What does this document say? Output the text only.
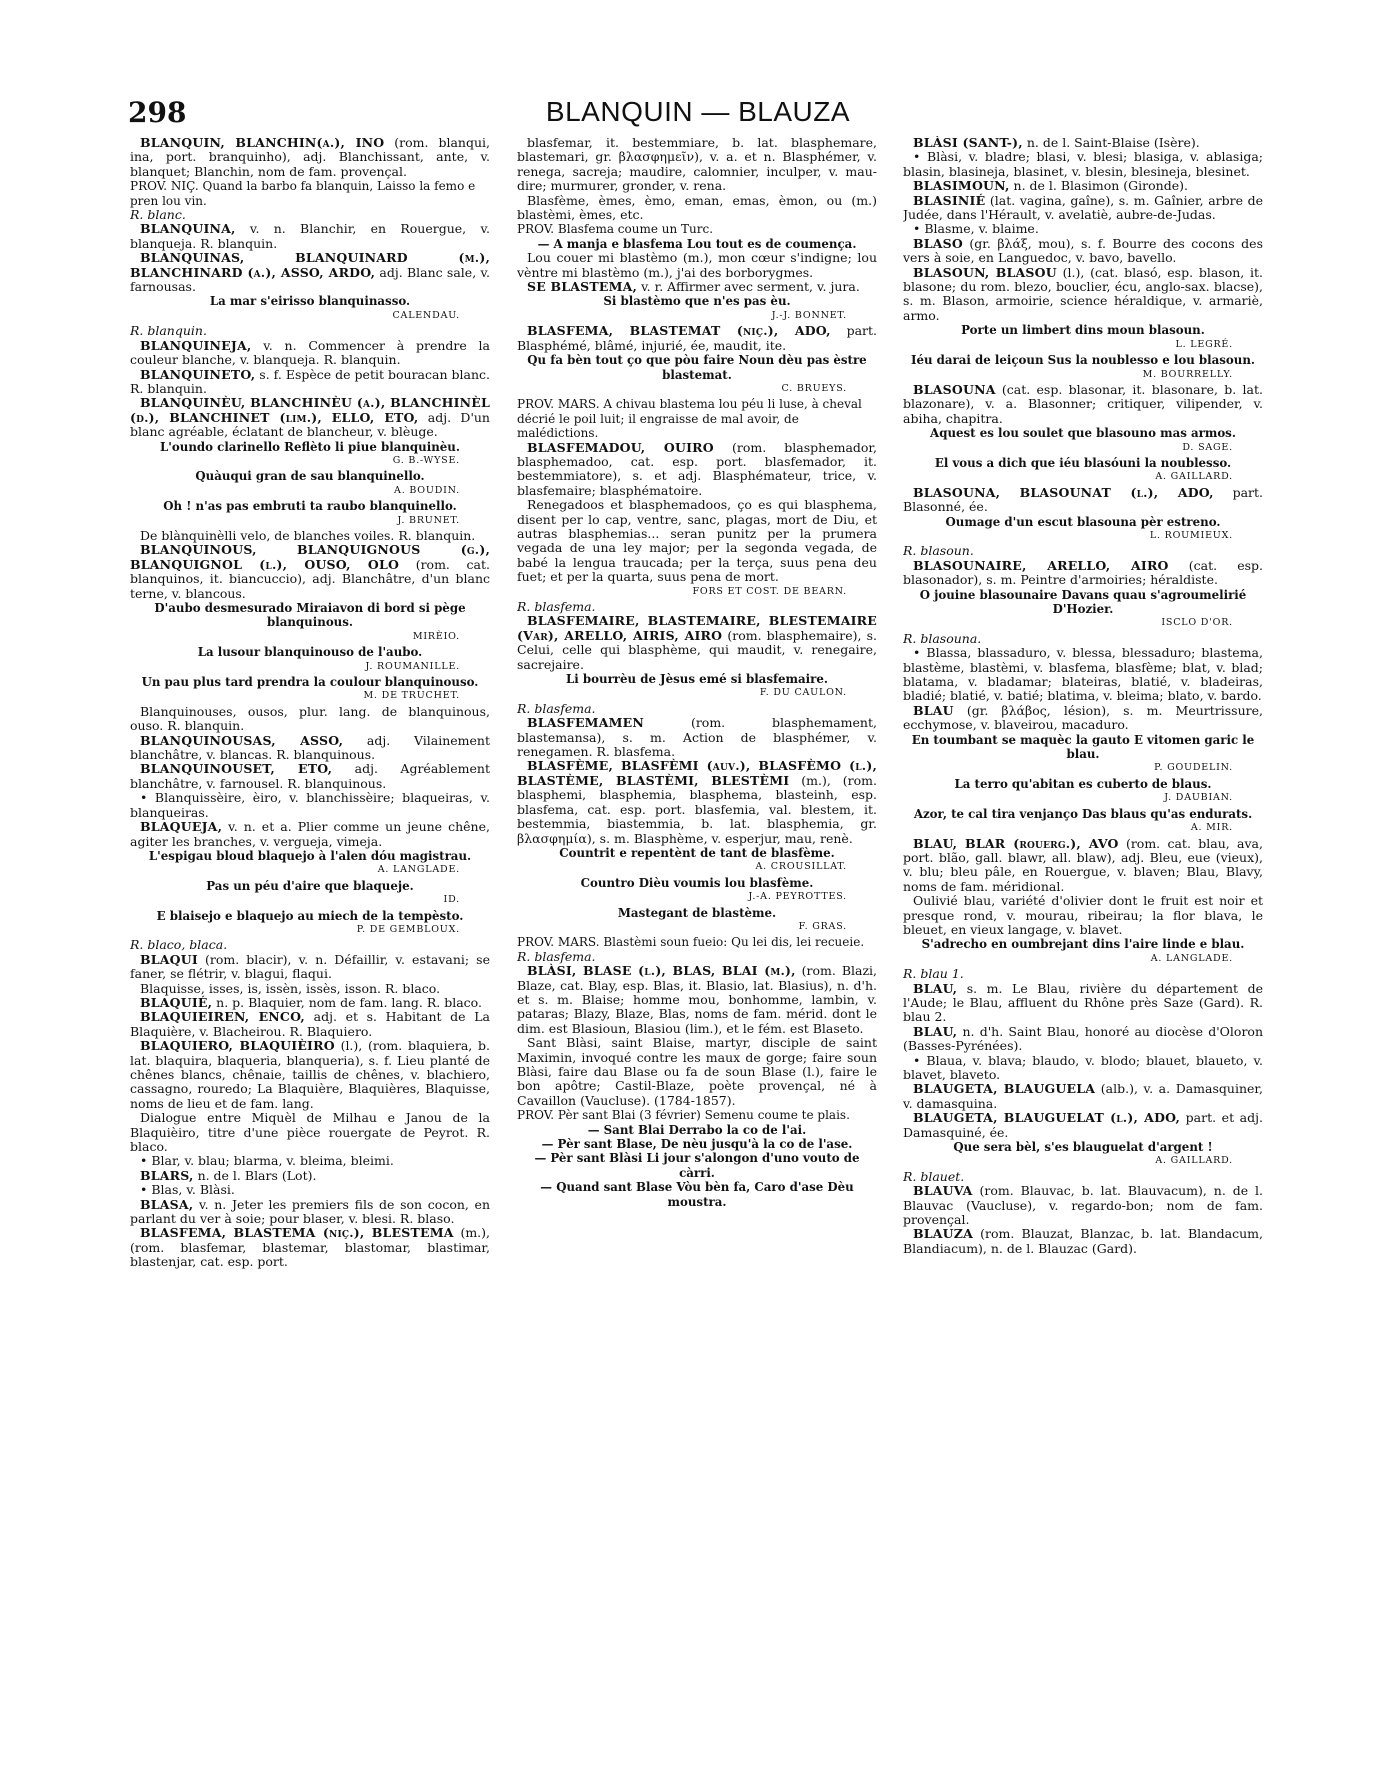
298	BLANQUIN — BLAUZA

BLANQUIN, BLANCHIN(a.), INO (rom. blanqui, ina, port. branquinho), adj. Blanchissant, ante, v. blanquet; Blanchin, nom de fam. provençal.

PROV. NIÇ. Quand la barbo fa blanquin, Laisso la femo e pren lou vin.

R. blanc.

BLANQUINA, v. n. Blanchir, en Rouergue, v. blanqueja. R. blanquin.

BLANQUINAS, BLANQUINARD (m.), BLANCHINARD (a.), ASSO, ARDO, adj. Blanc sale, v. farnousas.

La mar s'eirisso blanquinasso.

CALENDAU.

R. blanquin.

BLANQUINEJA, v. n. Commencer à prendre la couleur blanche, v. blanqueja. R. blanquin.

BLANQUINETO, s. f. Espèce de petit bouracan blanc. R. blanquin.

BLANQUINÈU, BLANCHINÈU (a.), BLANCHINÈL (d.), BLANCHINET (lim.), ELLO, ETO, adj. D'un blanc agréable, éclatant de blancheur, v. blèuge.

L'oundo clarinello Reflèto li piue blanquinèu.

G. B.-WYSE.

Quàuqui gran de sau blanquinello.

A. BOUDIN.

Oh ! n'as pas embruti ta raubo blanquinello.

J. BRUNET.

De blànquinèlli velo, de blanches voiles. R. blanquin.

BLANQUINOUS, BLANQUIGNOUS (g.), BLANQUIGNOL (l.), OUSO, OLO (rom. cat. blanquinos, it. biancuccio), adj. Blanchâtre, d'un blanc terne, v. blancous.

D'aubo desmesurado Miraiavon di bord si pège blanquinous.

MIRÈIO.

La lusour blanquinouso de l'aubo.

J. ROUMANILLE.

Un pau plus tard prendra la coulour blanquinouso.

M. DE TRUCHET.

Blanquinouses, ousos, plur. lang. de blanquinous, ouso. R. blanquin.

BLANQUINOUSAS, ASSO, adj. Vilainement blanchâtre, v. blancas. R. blanquinous.

BLANQUINOUSET, ETO, adj. Agréablement blanchâtre, v. farnousel. R. blanquinous.

• Blanquissèire, èiro, v. blanchissèire; blaqueiras, v. blanqueiras.

BLAQUEJA, v. n. et a. Plier comme un jeune chêne, agiter les branches, v. vergueja, vimeja.

L'espigau bloud blaquejo à l'alen dóu magistrau.

A. LANGLADE.

Pas un péu d'aire que blaqueje.

ID.

E blaisejo e blaquejo au miech de la tempèsto.

P. DE GEMBLOUX.

R. blaco, blaca.

BLAQUI (rom. blacir), v. n. Défaillir, v. estavani; se faner, se flétrir, v. blagui, flaqui.

Blaquisse, isses, is, issèn, issès, isson. R. blaco.

BLAQUIÉ, n. p. Blaquier, nom de fam. lang. R. blaco.

BLAQUIEIREN, ENCO, adj. et s. Habitant de La Blaquière, v. Blacheirou. R. Blaquiero.

BLAQUIERO, BLAQUIÈIRO (l.), (rom. blaquiera, b. lat. blaquira, blaqueria, blanqueria), s. f. Lieu planté de chênes blancs, chênaie, taillis de chênes, v. blachiero, cassagno, rouredo; La Blaquière, Blaquières, Blaquisse, noms de lieu et de fam. lang.

Dialogue entre Miquèl de Milhau e Janou de la Blaquièiro, titre d'une pièce rouergate de Peyrot. R. blaco.

• Blar, v. blau; blarma, v. bleima, bleimi.

BLARS, n. de l. Blars (Lot).

• Blas, v. Blàsi.

BLASA, v. n. Jeter les premiers fils de son cocon, en parlant du ver à soie; pour blaser, v. blesi. R. blaso.

BLASFEMA, BLASTEMA (niç.), BLESTEMA (m.), (rom. blasfemar, blastemar, blastomar, blastimar, blastenjar, cat. esp. port.

blasfemar, it. bestemmiare, b. lat. blasphemare, blastemari, gr. βλασφημεῖν), v. a. et n. Blasphémer, v. renega, sacreja; maudire, calomnier, inculper, v. mau-dire; murmurer, gronder, v. rena.

Blasfème, èmes, èmo, eman, emas, èmon, ou (m.) blastèmi, èmes, etc.

PROV. Blasfema coume un Turc.

— A manja e blasfema Lou tout es de coumença.

Lou couer mi blastèmo (m.), mon cœur s'indigne; lou vèntre mi blastèmo (m.), j'ai des borborygmes.

SE BLASTEMA, v. r. Affirmer avec serment, v. jura.

Si blastèmo que n'es pas èu.

J.-J. BONNET.

BLASFEMA, BLASTEMAT (niç.), ADO, part. Blasphémé, blâmé, injurié, ée, maudit, ite.

Qu fa bèn tout ço que pòu faire Noun dèu pas èstre blastemat.

C. BRUEYS.

PROV. MARS. A chivau blastema lou péu li luse, à cheval décrié le poil luit; il engraisse de mal avoir, de malédictions.

BLASFEMADOU, OUIRO (rom. blasphemador, blasphemadoo, cat. esp. port. blasfemador, it. bestemmiatore), s. et adj. Blasphémateur, trice, v. blasfemaire; blasphématoire.

Renegadoos et blasphemadoos, ço es qui blasphema, disent per lo cap, ventre, sanc, plagas, mort de Diu, et autras blasphemias... seran punitz per la prumera vegada de una ley major; per la segonda vegada, de babé la lengua traucada; per la terça, suus pena deu fuet; et per la quarta, suus pena de mort.

FORS ET COST. DE BEARN.

R. blasfema.

BLASFEMAIRE, BLASTEMAIRE, BLESTEMAIRE (Var), ARELLO, AIRIS, AIRO (rom. blasphemaire), s. Celui, celle qui blasphème, qui maudit, v. renegaire, sacrejaire.

Li bourrèu de Jèsus emé si blasfemaire.

F. DU CAULON.

R. blasfema.

BLASFEMAMEN	(rom. blasphemament, blastemansa), s. m. Action de blasphémer, v. renegamen. R. blasfema.

BLASFÈME, BLASFÈMI (auv.), BLASFÈMO (l.), BLASTÈME, BLASTÈMI, BLESTÈMI (m.), (rom. blasphemi, blasphemia, blasphema, blasteinh, esp. blasfema, cat. esp. port. blasfemia, val. blestem, it. bestemmia, biastemmia, b. lat. blasphemia, gr. βλασφημία), s. m. Blasphème, v. esperjur, mau, renè.

Countrit e repentènt de tant de blasfème.

A. CROUSILLAT.

Countro Dièu voumis lou blasfème.

J.-A. PEYROTTES.

Mastegant de blastème.

F. GRAS.

PROV. MARS. Blastèmi soun fueio: Qu lei dis, lei recueie.

R. blasfema.

BLÀSI, BLASE (l.), BLAS, BLAI (m.), (rom. Blazi, Blaze, cat. Blay, esp. Blas, it. Blasio, lat. Blasius), n. d'h. et s. m. Blaise; homme mou, bonhomme, lambin, v. pataras; Blazy, Blaze, Blas, noms de fam. mérid. dont le dim. est Blasioun, Blasiou (lim.), et le fém. est Blaseto.

Sant Blàsi, saint Blaise, martyr, disciple de saint Maximin, invoqué contre les maux de gorge; faire soun Blàsi, faire dau Blase ou fa de soun Blase (l.), faire le bon apôtre; Castil-Blaze, poète provençal, né à Cavaillon (Vaucluse). (1784-1857).

PROV. Pèr sant Blai (3 février) Semenu coume te plais.

— Sant Blai Derrabo la co de l'ai.

— Pèr sant Blase, De nèu jusqu'à la co de l'ase.

— Pèr sant Blàsi Li jour s'alongon d'uno vouto de càrri.

— Quand sant Blase Vòu bèn fa, Caro d'ase Dèu moustra.

BLÀSI (SANT-), n. de l. Saint-Blaise (Isère).

• Blàsi, v. bladre; blasi, v. blesi; blasiga, v. ablasiga; blasin, blasineja, blasinet, v. blesin, blesineja, blesinet.

BLASIMOUN, n. de l. Blasimon (Gironde).

BLASINIÉ (lat. vagina, gaîne), s. m. Gaînier, arbre de Judée, dans l'Hérault, v. avelatiè, aubre-de-Judas.

• Blasme, v. blaime.

BLASO (gr. βλάξ, mou), s. f. Bourre des cocons des vers à soie, en Languedoc, v. bavo, bavello.

BLASOUN, BLASOU (l.), (cat. blasó, esp. blason, it. blasone; du rom. blezo, bouclier, écu, anglo-sax. blacse), s. m. Blason, armoirie, science héraldique, v. armariè, armo.

Porte un limbert dins moun blasoun.

L. LEGRÉ.

Iéu darai de leiçoun Sus la noublesso e lou blasoun.

M. BOURRELLY.

BLASOUNA (cat. esp. blasonar, it. blasonare, b. lat. blazonare), v. a. Blasonner; critiquer, vilipender, v. abiha, chapitra.

Aquest es lou soulet que blasouno mas armos.

D. SAGE.

El vous a dich que iéu blasóuni la noublesso.

A. GAILLARD.

BLASOUNA, BLASOUNAT (l.), ADO, part. Blasonné, ée.

Oumage d'un escut blasouna pèr estreno.

L. ROUMIEUX.

R. blasoun.

BLASOUNAIRE, ARELLO, AIRO (cat. esp. blasonador), s. m. Peintre d'armoiries; héraldiste.

O jouine blasounaire Davans quau s'agroumelirié D'Hozier.

ISCLO D'OR.

R. blasouna.

• Blassa, blassaduro, v. blessa, blessaduro; blastema, blastème, blastèmi, v. blasfema, blasfème; blat, v. blad; blatama, v. bladamar; blateiras, blatié, v. bladeiras, bladié; blatié, v. batié; blatima, v. bleima; blato, v. bardo.

BLAU (gr. βλάβος, lésion), s. m. Meurtrissure, ecchymose, v. blaveirou, macaduro.

En toumbant se maquèc la gauto E vitomen garic le blau.

P. GOUDELIN.

La terro qu'abitan es cuberto de blaus.

J. DAUBIAN.

Azor, te cal tira venjanço Das blaus qu'as endurats.

A. MIR.

BLAU, BLAR (rouerg.), AVO (rom. cat. blau, ava, port. blão, gall. blawr, all. blaw), adj. Bleu, eue (vieux), v. blu; bleu pâle, en Rouergue, v. blaven; Blau, Blavy, noms de fam. méridional.

Oulivié blau, variété d'olivier dont le fruit est noir et presque rond, v. mourau, ribeirau; la flor blava, le bleuet, en vieux langage, v. blavet.

S'adrecho en oumbrejant dins l'aire linde e blau.

A. LANGLADE.

R. blau 1.

BLAU, s. m. Le Blau, rivière du département de l'Aude; le Blau, affluent du Rhône près Saze (Gard). R. blau 2.

BLAU, n. d'h. Saint Blau, honoré au diocèse d'Oloron (Basses-Pyrénées).

• Blaua, v. blava; blaudo, v. blodo; blauet, blaueto, v. blavet, blaveto.

BLAUGETA, BLAUGUELA (alb.), v. a. Damasquiner, v. damasquina.

BLAUGETA, BLAUGUELAT (l.), ADO, part. et adj. Damasquiné, ée.

Que sera bèl, s'es blauguelat d'argent !

A. GAILLARD.

R. blauet.

BLAUVA (rom. Blauvac, b. lat. Blauvacum), n. de l. Blauvac (Vaucluse), v. regardo-bon; nom de fam. provençal.

BLAUZA (rom. Blauzat, Blanzac, b. lat. Blandacum, Blandiacum), n. de l. Blauzac (Gard).
